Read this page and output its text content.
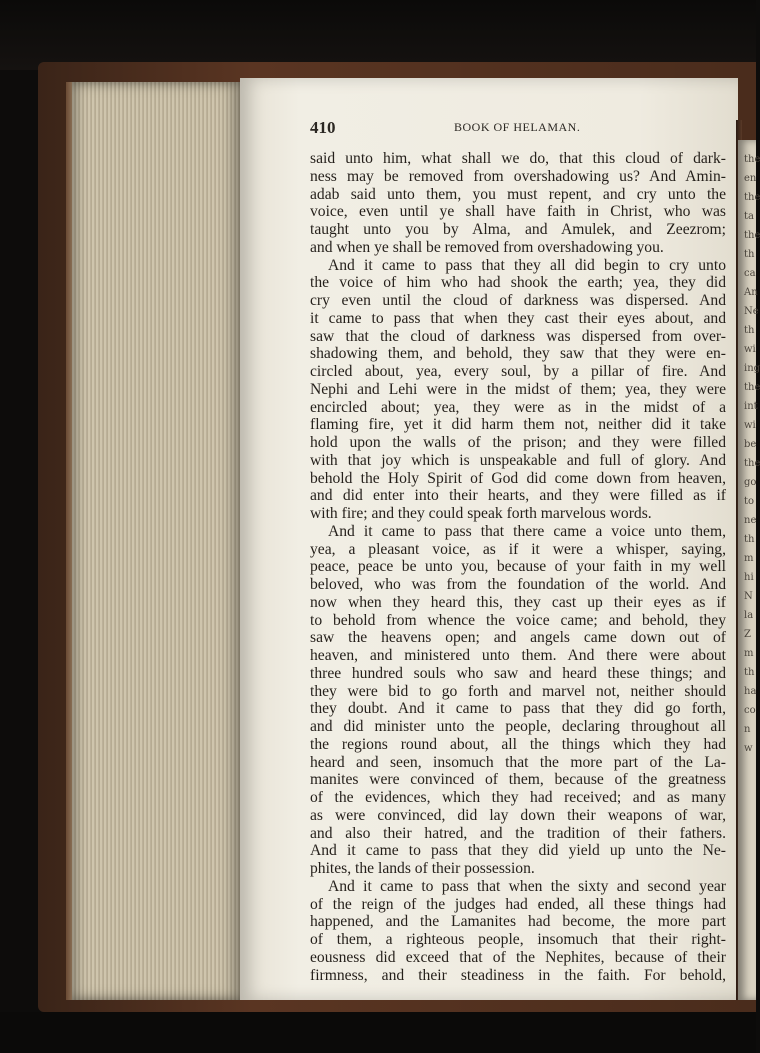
the
en
the
ta
the
th
ca
An
Ne
th
wi
ing
the
int
wi
be
the
go
to
ne
th
m
hi
N
la
Z
m
th
ha
co
n
w
410	BOOK OF HELAMAN.
said unto him, what shall we do, that this cloud of dark-
ness may be removed from overshadowing us? And Amin-
adab said unto them, you must repent, and cry unto the
voice, even until ye shall have faith in Christ, who was
taught unto you by Alma, and Amulek, and Zeezrom;
and when ye shall be removed from overshadowing you.
And it came to pass that they all did begin to cry unto
the voice of him who had shook the earth; yea, they did
cry even until the cloud of darkness was dispersed. And
it came to pass that when they cast their eyes about, and
saw that the cloud of darkness was dispersed from over-
shadowing them, and behold, they saw that they were en-
circled about, yea, every soul, by a pillar of fire. And
Nephi and Lehi were in the midst of them; yea, they were
encircled about; yea, they were as in the midst of a
flaming fire, yet it did harm them not, neither did it take
hold upon the walls of the prison; and they were filled
with that joy which is unspeakable and full of glory. And
behold the Holy Spirit of God did come down from heaven,
and did enter into their hearts, and they were filled as if
with fire; and they could speak forth marvelous words.
And it came to pass that there came a voice unto them,
yea, a pleasant voice, as if it were a whisper, saying,
peace, peace be unto you, because of your faith in my well
beloved, who was from the foundation of the world. And
now when they heard this, they cast up their eyes as if
to behold from whence the voice came; and behold, they
saw the heavens open; and angels came down out of
heaven, and ministered unto them. And there were about
three hundred souls who saw and heard these things; and
they were bid to go forth and marvel not, neither should
they doubt. And it came to pass that they did go forth,
and did minister unto the people, declaring throughout all
the regions round about, all the things which they had
heard and seen, insomuch that the more part of the La-
manites were convinced of them, because of the greatness
of the evidences, which they had received; and as many
as were convinced, did lay down their weapons of war,
and also their hatred, and the tradition of their fathers.
And it came to pass that they did yield up unto the Ne-
phites, the lands of their possession.
And it came to pass that when the sixty and second year
of the reign of the judges had ended, all these things had
happened, and the Lamanites had become, the more part
of them, a righteous people, insomuch that their right-
eousness did exceed that of the Nephites, because of their
firmness, and their steadiness in the faith. For behold,
